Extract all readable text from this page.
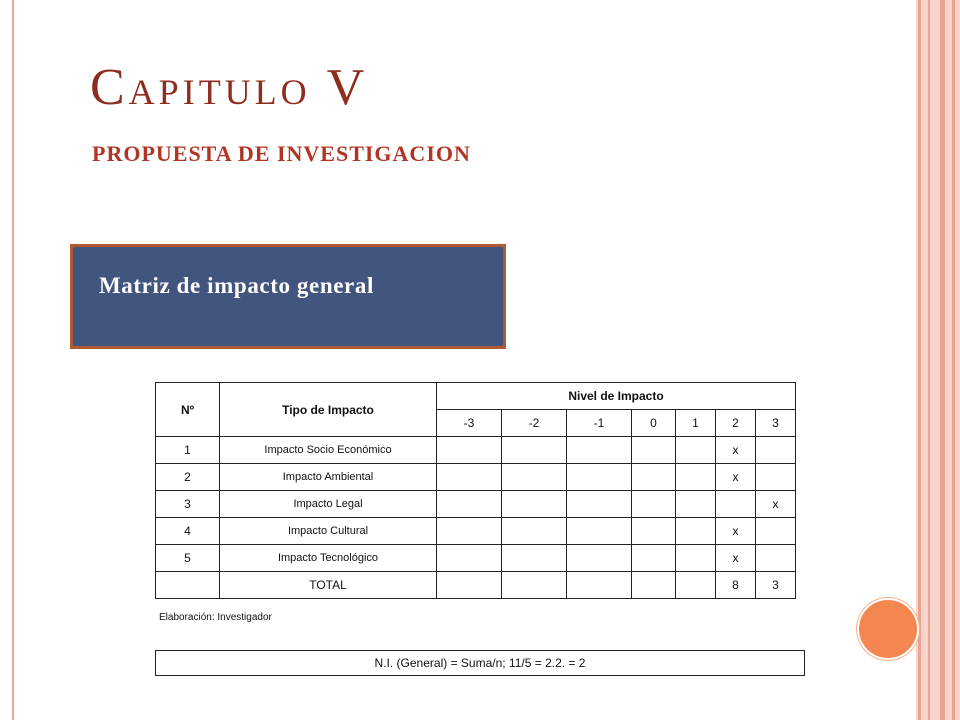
Capitulo V
PROPUESTA DE INVESTIGACION
Matriz de impacto general
Nº	Tipo de Impacto	Nivel de Impacto						
		-3	-2	-1	0	1	2	3
1	Impacto Socio Económico						x	
2	Impacto Ambiental						x	
3	Impacto Legal							x
4	Impacto Cultural						x	
5	Impacto Tecnológico						x	
	TOTAL						8	3
Elaboración: Investigador
N.I. (General) = Suma/n; 11/5 = 2.2. = 2
